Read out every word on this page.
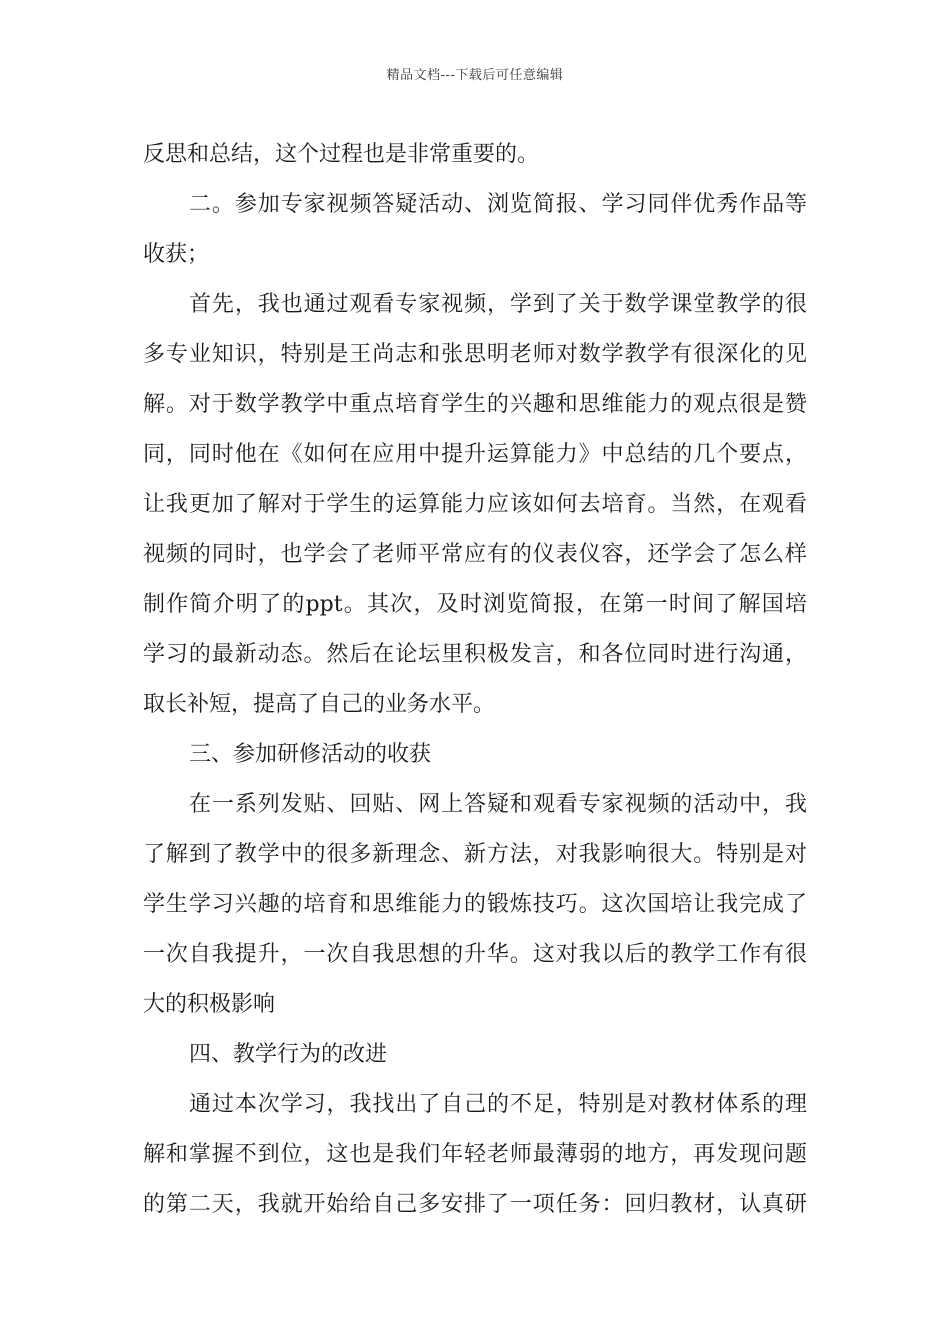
精品文档---下载后可任意编辑
反思和总结，这个过程也是非常重要的。
二。参加专家视频答疑活动、浏览简报、学习同伴优秀作品等
收获；
首先，我也通过观看专家视频，学到了关于数学课堂教学的很
多专业知识，特别是王尚志和张思明老师对数学教学有很深化的见
解。对于数学教学中重点培育学生的兴趣和思维能力的观点很是赞
同，同时他在《如何在应用中提升运算能力》中总结的几个要点，
让我更加了解对于学生的运算能力应该如何去培育。当然，在观看
视频的同时，也学会了老师平常应有的仪表仪容，还学会了怎么样
制作简介明了的ppt。其次，及时浏览简报，在第一时间了解国培
学习的最新动态。然后在论坛里积极发言，和各位同时进行沟通，
取长补短，提高了自己的业务水平。
三、参加研修活动的收获
在一系列发贴、回贴、网上答疑和观看专家视频的活动中，我
了解到了教学中的很多新理念、新方法，对我影响很大。特别是对
学生学习兴趣的培育和思维能力的锻炼技巧。这次国培让我完成了
一次自我提升，一次自我思想的升华。这对我以后的教学工作有很
大的积极影响
四、教学行为的改进
通过本次学习，我找出了自己的不足，特别是对教材体系的理
解和掌握不到位，这也是我们年轻老师最薄弱的地方，再发现问题
的第二天，我就开始给自己多安排了一项任务：回归教材，认真研
